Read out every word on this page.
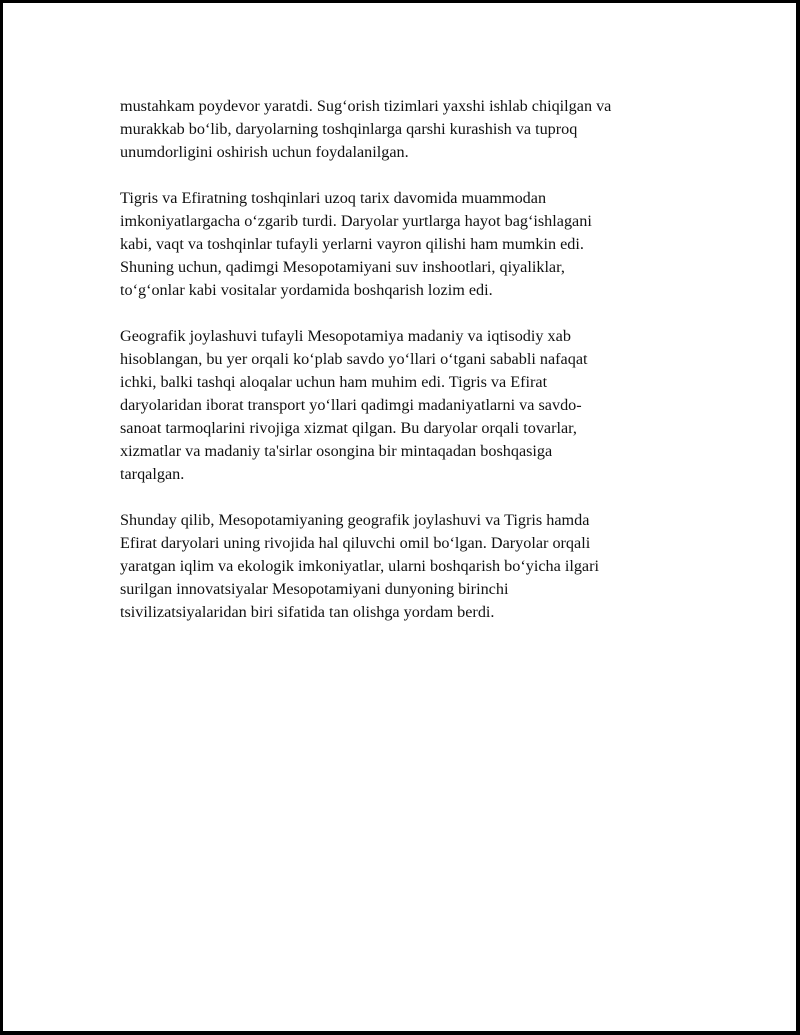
mustahkam poydevor yaratdi. Sug‘orish tizimlari yaxshi ishlab chiqilgan va
murakkab bo‘lib, daryolarning toshqinlarga qarshi kurashish va tuproq
unumdorligini oshirish uchun foydalanilgan.

Tigris va Efiratning toshqinlari uzoq tarix davomida muammodan
imkoniyatlargacha o‘zgarib turdi. Daryolar yurtlarga hayot bag‘ishlagani
kabi, vaqt va toshqinlar tufayli yerlarni vayron qilishi ham mumkin edi.
Shuning uchun, qadimgi Mesopotamiyani suv inshootlari, qiyaliklar,
to‘g‘onlar kabi vositalar yordamida boshqarish lozim edi.

Geografik joylashuvi tufayli Mesopotamiya madaniy va iqtisodiy xab
hisoblangan, bu yer orqali ko‘plab savdo yo‘llari o‘tgani sababli nafaqat
ichki, balki tashqi aloqalar uchun ham muhim edi. Tigris va Efirat
daryolaridan iborat transport yo‘llari qadimgi madaniyatlarni va savdo-
sanoat tarmoqlarini rivojiga xizmat qilgan. Bu daryolar orqali tovarlar,
xizmatlar va madaniy ta'sirlar osongina bir mintaqadan boshqasiga
tarqalgan.

Shunday qilib, Mesopotamiyaning geografik joylashuvi va Tigris hamda
Efirat daryolari uning rivojida hal qiluvchi omil bo‘lgan. Daryolar orqali
yaratgan iqlim va ekologik imkoniyatlar, ularni boshqarish bo‘yicha ilgari
surilgan innovatsiyalar Mesopotamiyani dunyoning birinchi
tsivilizatsiyalaridan biri sifatida tan olishga yordam berdi.
